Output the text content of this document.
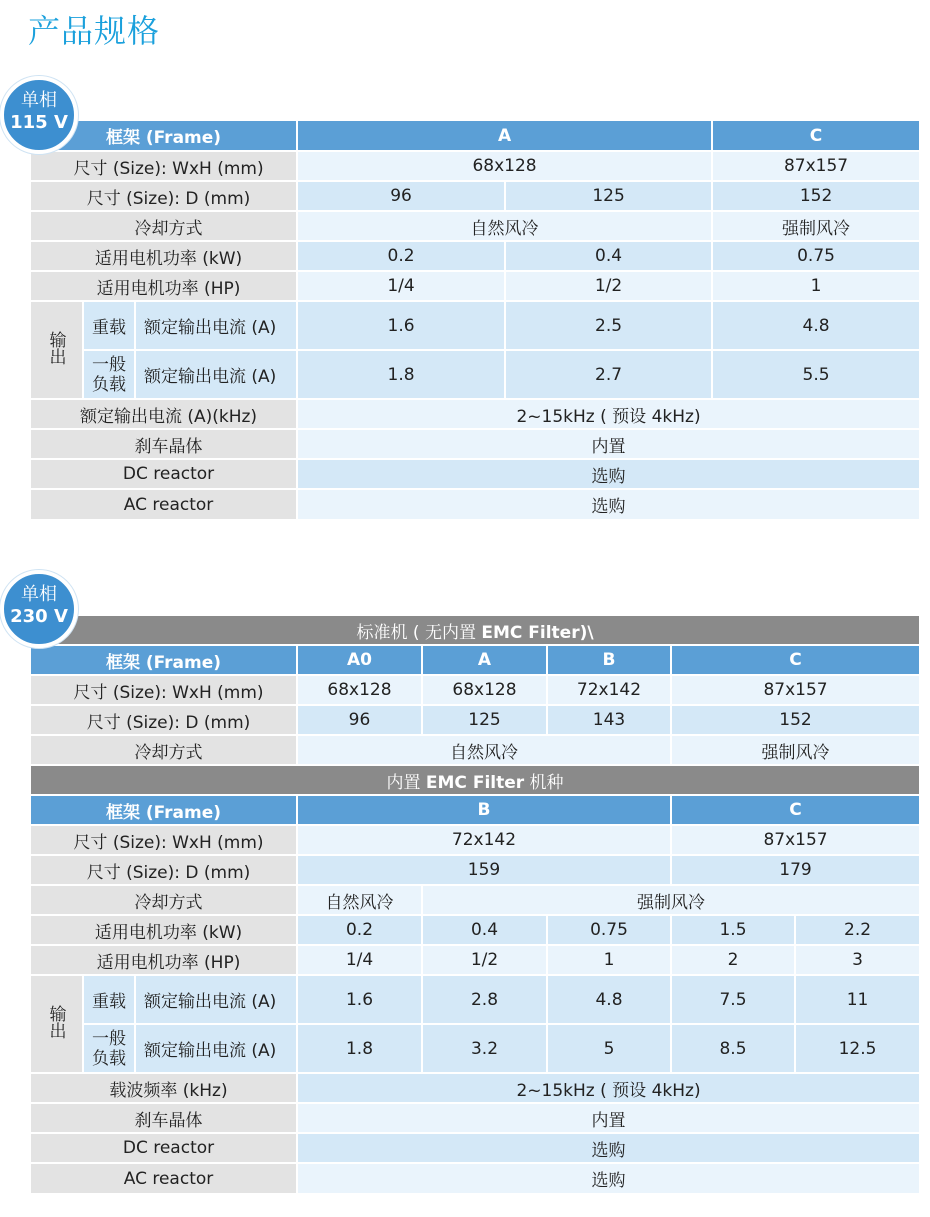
产品规格
单相
115 V
框架 (Frame)			A		C
尺寸 (Size): WxH (mm)			68x128		87x157
尺寸 (Size): D (mm)			96	125	152
冷却方式			自然风冷		强制风冷
适用电机功率 (kW)			0.2	0.4	0.75
适用电机功率 (HP)			1/4	1/2	1
输出	重载	额定输出电流 (A)	1.6	2.5	4.8
	一般负载	额定输出电流 (A)	1.8	2.7	5.5
额定输出电流 (A)(kHz)			2~15kHz ( 预设 4kHz)		
刹车晶体			内置		
DC reactor			选购		
AC reactor			选购		
单相
230 V
标准机 ( 无内置 EMC Filter)\							
框架 (Frame)			A0	A	B	C	
尺寸 (Size): WxH (mm)			68x128	68x128	72x142	87x157	
尺寸 (Size): D (mm)			96	125	143	152	
冷却方式			自然风冷			强制风冷	
内置 EMC Filter 机种							
框架 (Frame)			B			C	
尺寸 (Size): WxH (mm)			72x142			87x157	
尺寸 (Size): D (mm)			159			179	
冷却方式			自然风冷	强制风冷			
适用电机功率 (kW)			0.2	0.4	0.75	1.5	2.2
适用电机功率 (HP)			1/4	1/2	1	2	3
输出	重载	额定输出电流 (A)	1.6	2.8	4.8	7.5	11
	一般负载	额定输出电流 (A)	1.8	3.2	5	8.5	12.5
载波频率 (kHz)			2~15kHz ( 预设 4kHz)				
刹车晶体			内置				
DC reactor			选购				
AC reactor			选购				
